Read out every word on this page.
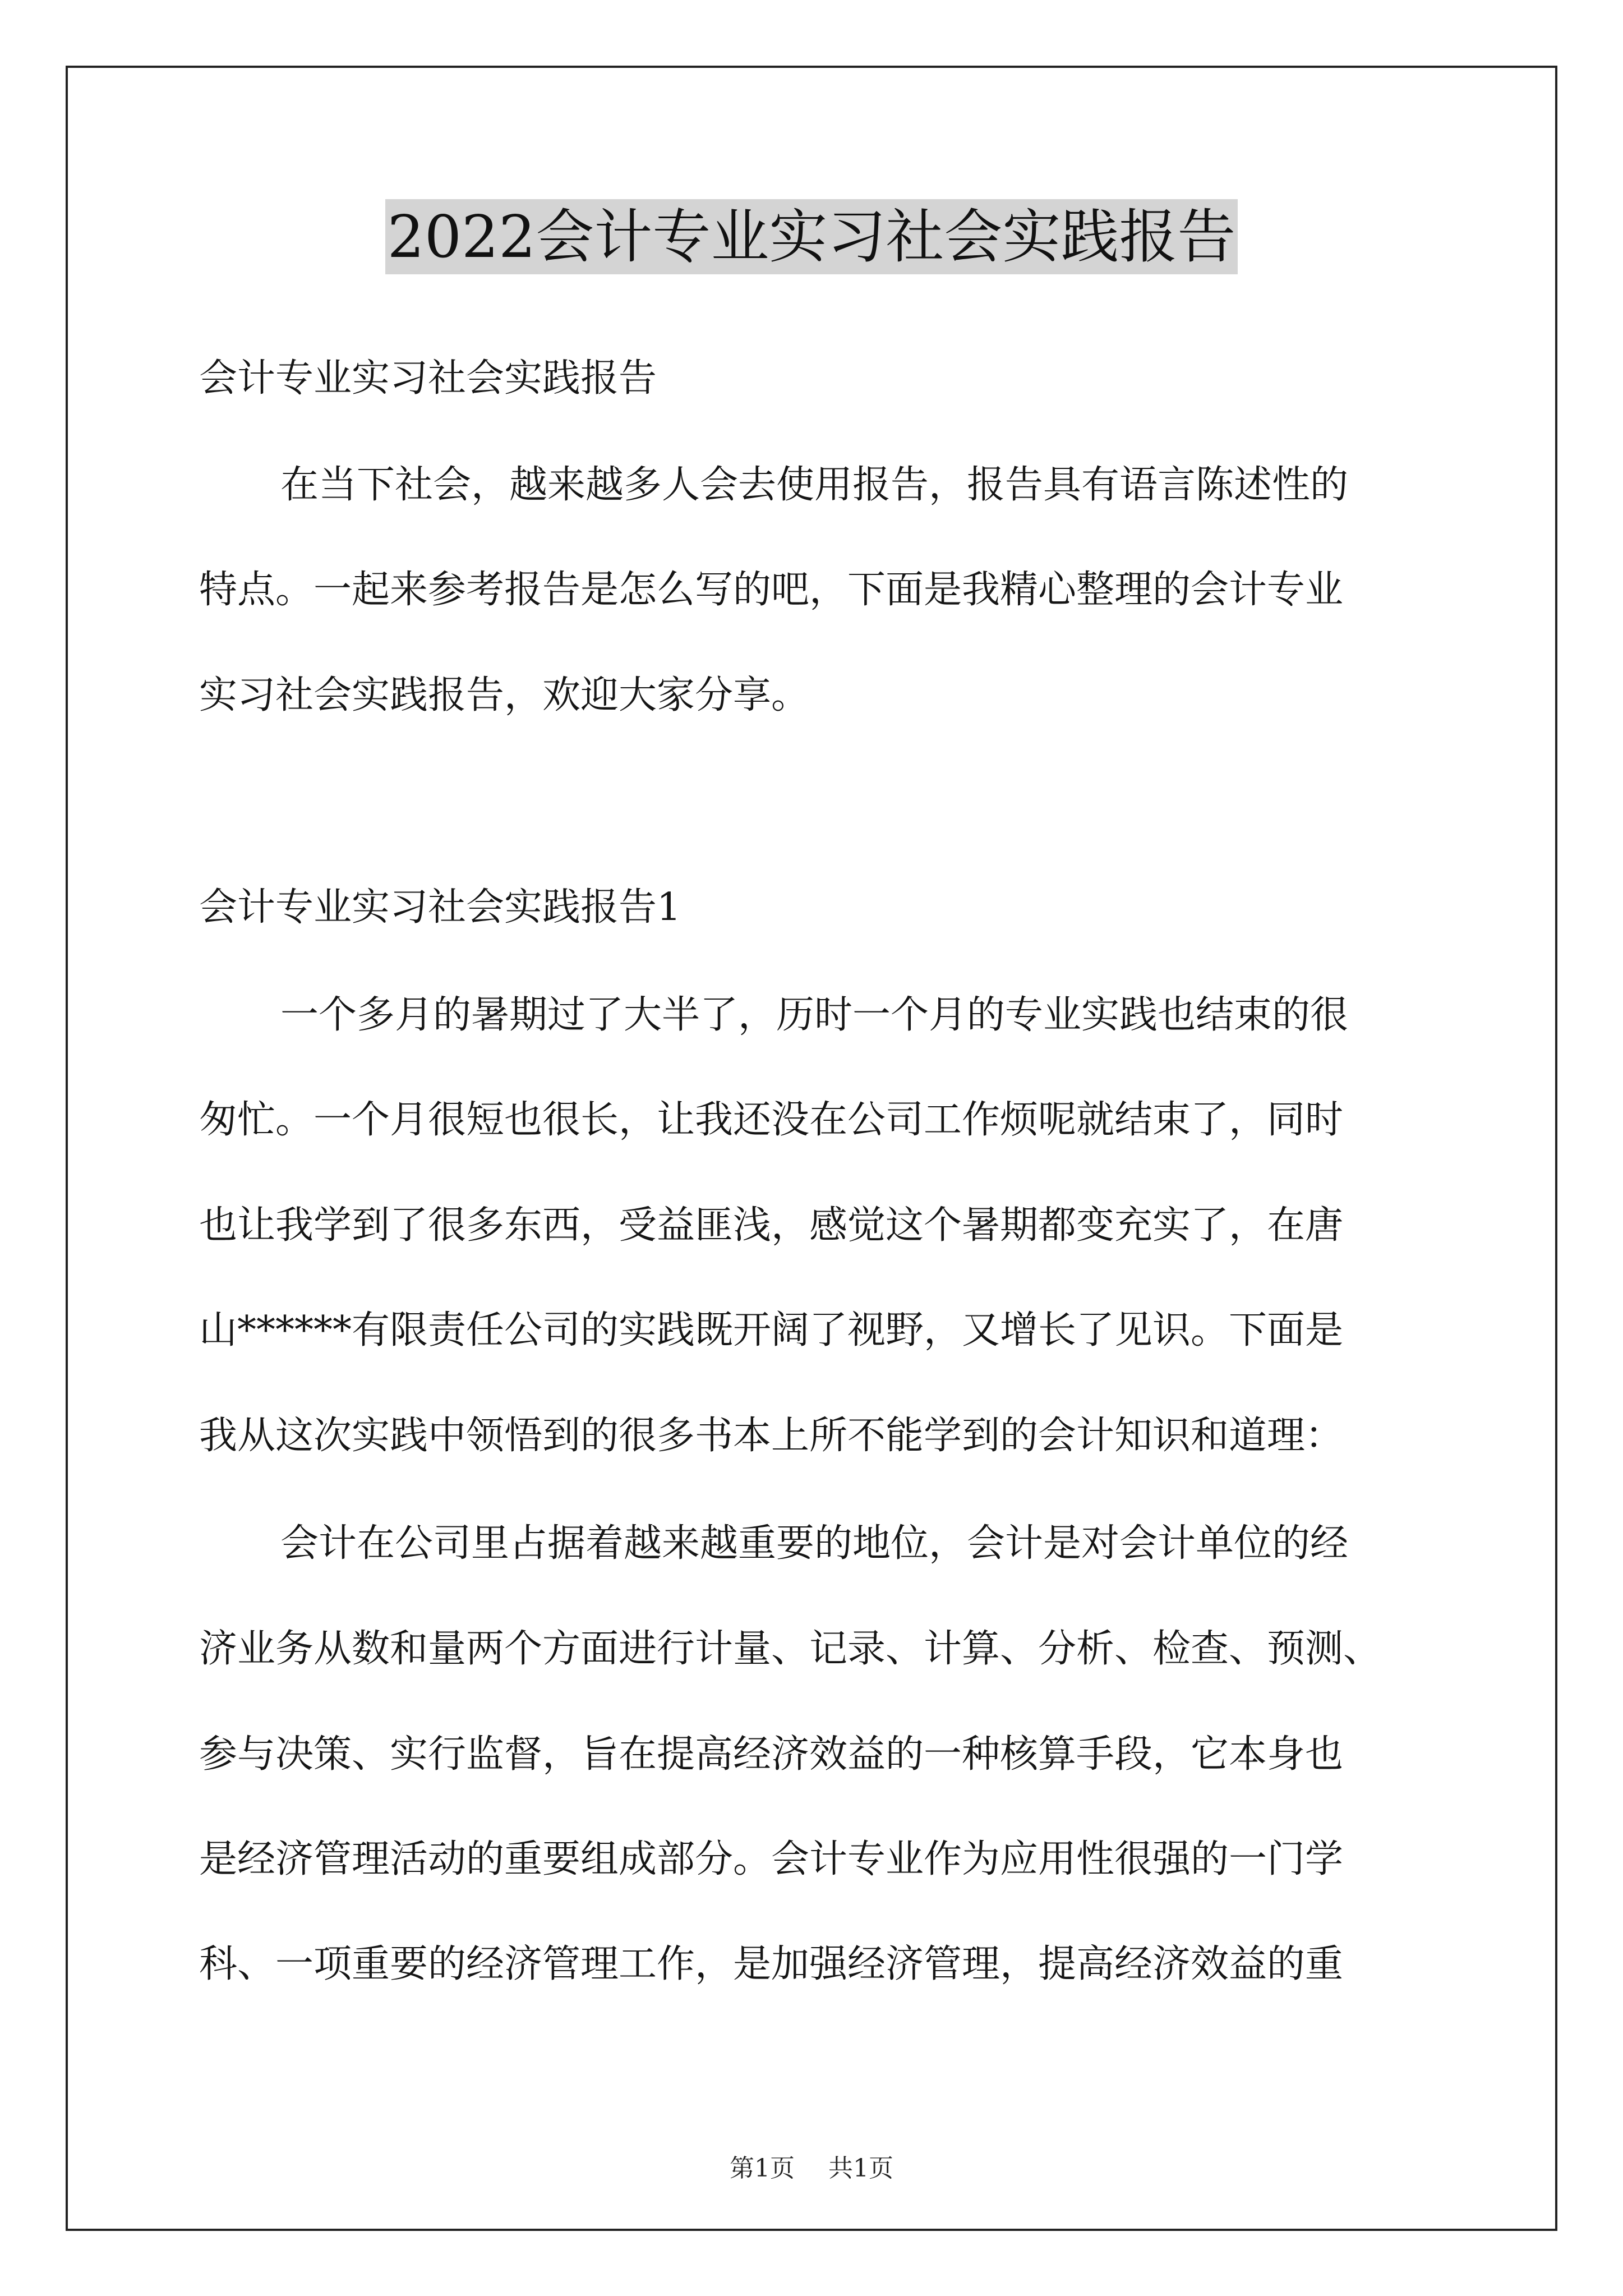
2022会计专业实习社会实践报告
会计专业实习社会实践报告
在当下社会，越来越多人会去使用报告，报告具有语言陈述性的
特点。一起来参考报告是怎么写的吧，下面是我精心整理的会计专业
实习社会实践报告，欢迎大家分享。
会计专业实习社会实践报告1
一个多月的暑期过了大半了，历时一个月的专业实践也结束的很
匆忙。一个月很短也很长，让我还没在公司工作烦呢就结束了，同时
也让我学到了很多东西，受益匪浅，感觉这个暑期都变充实了，在唐
山******有限责任公司的实践既开阔了视野，又增长了见识。下面是
我从这次实践中领悟到的很多书本上所不能学到的会计知识和道理：
会计在公司里占据着越来越重要的地位，会计是对会计单位的经
济业务从数和量两个方面进行计量、记录、计算、分析、检查、预测、
参与决策、实行监督，旨在提高经济效益的一种核算手段，它本身也
是经济管理活动的重要组成部分。会计专业作为应用性很强的一门学
科、一项重要的经济管理工作，是加强经济管理，提高经济效益的重
第1页 共1页
